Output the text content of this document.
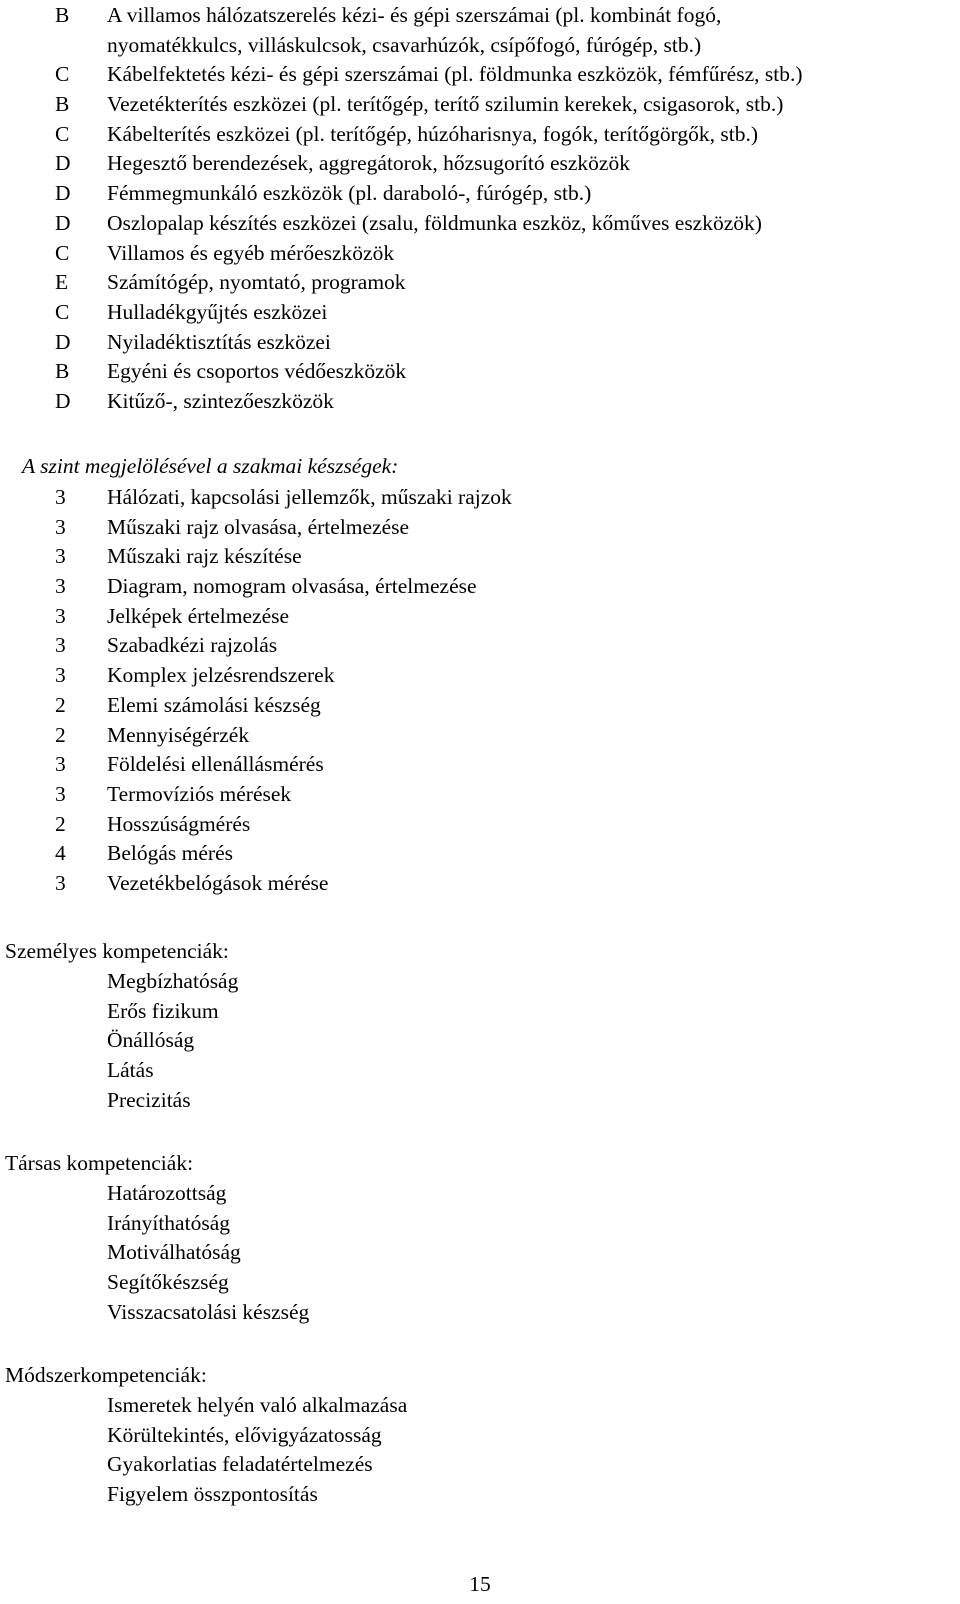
B A villamos hálózatszerelés kézi- és gépi szerszámai (pl. kombinát fogó, nyomatékkulcs, villáskulcsok, csavarhúzók, csípőfogó, fúrógép, stb.)
C Kábelfektetés kézi- és gépi szerszámai (pl. földmunka eszközök, fémfűrész, stb.)
B Vezetékterítés eszközei (pl. terítőgép, terítő szilumin kerekek, csigasorok, stb.)
C Kábelterítés eszközei (pl. terítőgép, húzóharisnya, fogók, terítőgörgők, stb.)
D Hegesztő berendezések, aggregátorok, hőzsugorító eszközök
D Fémmegmunkáló eszközök (pl. daraboló-, fúrógép, stb.)
D Oszlopalap készítés eszközei (zsalu, földmunka eszköz, kőműves eszközök)
C Villamos és egyéb mérőeszközök
E Számítógép, nyomtató, programok
C Hulladékgyűjtés eszközei
D Nyiladéktisztítás eszközei
B Egyéni és csoportos védőeszközök
D Kitűző-, szintezőeszközök
A szint megjelölésével a szakmai készségek:
3 Hálózati, kapcsolási jellemzők, műszaki rajzok
3 Műszaki rajz olvasása, értelmezése
3 Műszaki rajz készítése
3 Diagram, nomogram olvasása, értelmezése
3 Jelképek értelmezése
3 Szabadkézi rajzolás
3 Komplex jelzésrendszerek
2 Elemi számolási készség
2 Mennyiségérzék
3 Földelési ellenállásmérés
3 Termovíziós mérések
2 Hosszúságmérés
4 Belógás mérés
3 Vezetékbelógások mérése
Személyes kompetenciák:
Megbízhatóság
Erős fizikum
Önállóság
Látás
Precizitás
Társas kompetenciák:
Határozottság
Irányíthatóság
Motiválhatóság
Segítőkészség
Visszacsatolási készség
Módszerkompetenciák:
Ismeretek helyén való alkalmazása
Körültekintés, elővigyázatosság
Gyakorlatias feladatértelmezés
Figyelem összpontosítás
15
